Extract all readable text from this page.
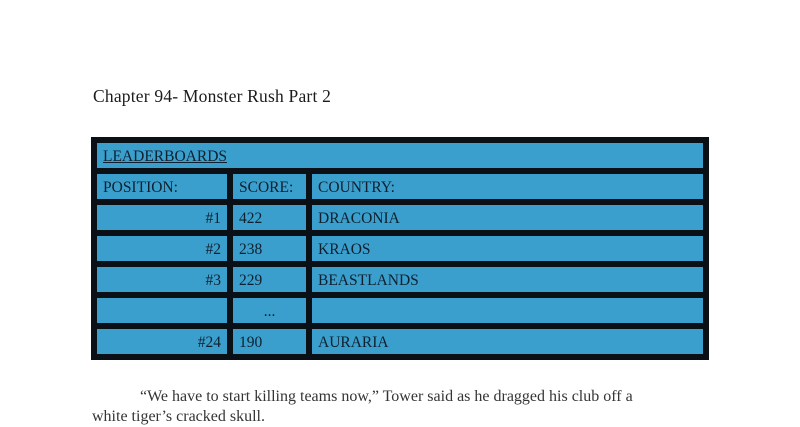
Chapter 94- Monster Rush Part 2
LEADERBOARDS		
POSITION:	SCORE:	COUNTRY:
#1	422	DRACONIA
#2	238	KRAOS
#3	229	BEASTLANDS
	...	
#24	190	AURARIA

“We have to start killing teams now,” Tower said as he dragged his club off a
white tiger’s cracked skull.
